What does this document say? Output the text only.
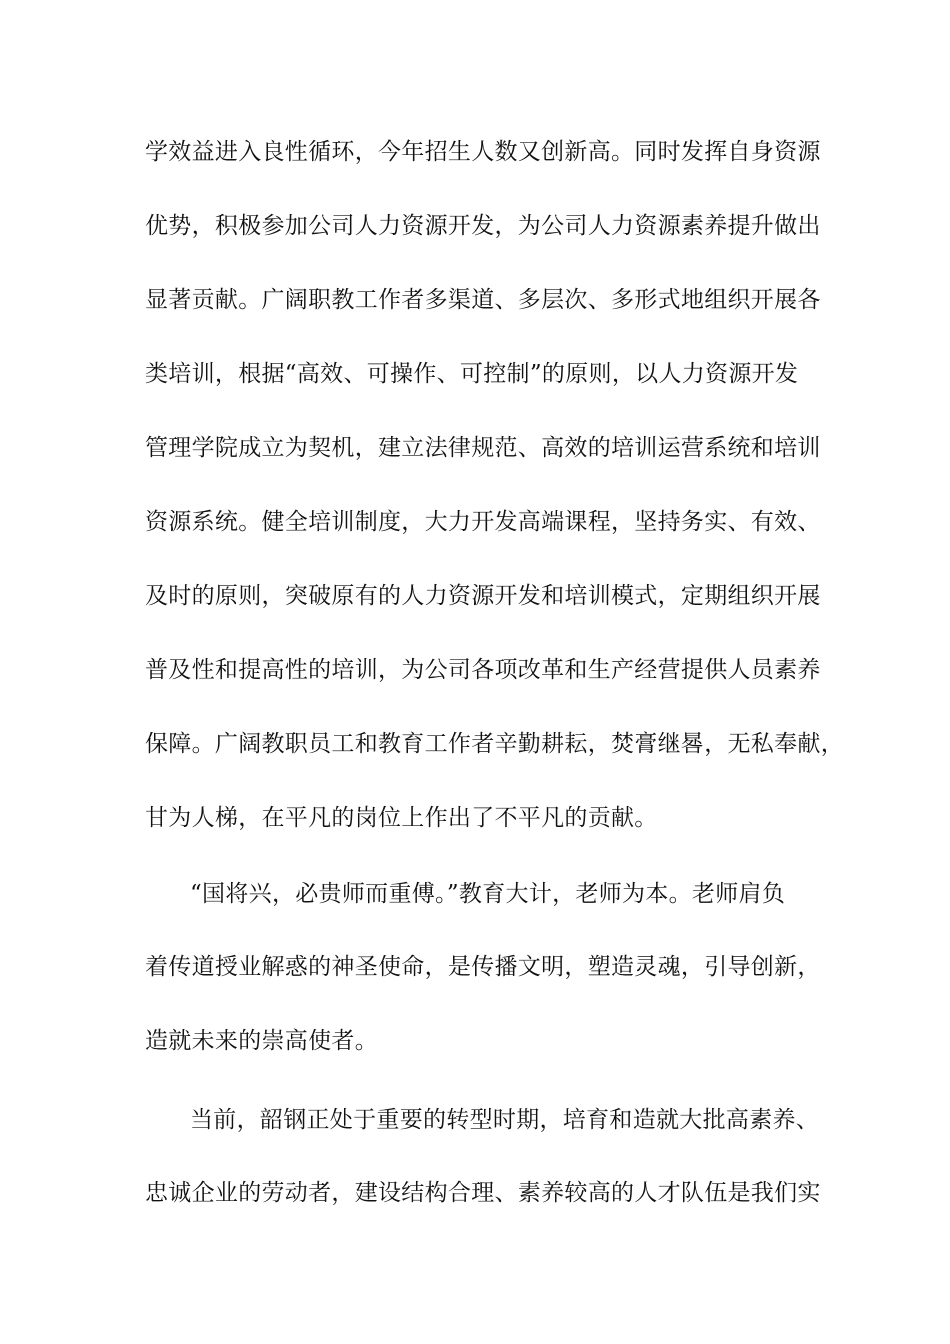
学效益进入良性循环，今年招生人数又创新高。同时发挥自身资源
优势，积极参加公司人力资源开发，为公司人力资源素养提升做出
显著贡献。广阔职教工作者多渠道、多层次、多形式地组织开展各
类培训，根据“高效、可操作、可控制”的原则，以人力资源开发
管理学院成立为契机，建立法律规范、高效的培训运营系统和培训
资源系统。健全培训制度，大力开发高端课程，坚持务实、有效、
及时的原则，突破原有的人力资源开发和培训模式，定期组织开展
普及性和提高性的培训，为公司各项改革和生产经营提供人员素养
保障。广阔教职员工和教育工作者辛勤耕耘，焚膏继晷，无私奉献，
甘为人梯，在平凡的岗位上作出了不平凡的贡献。
“国将兴，必贵师而重傅。”教育大计，老师为本。老师肩负
着传道授业解惑的神圣使命，是传播文明，塑造灵魂，引导创新，
造就未来的崇高使者。
当前，韶钢正处于重要的转型时期，培育和造就大批高素养、
忠诚企业的劳动者，建设结构合理、素养较高的人才队伍是我们实
